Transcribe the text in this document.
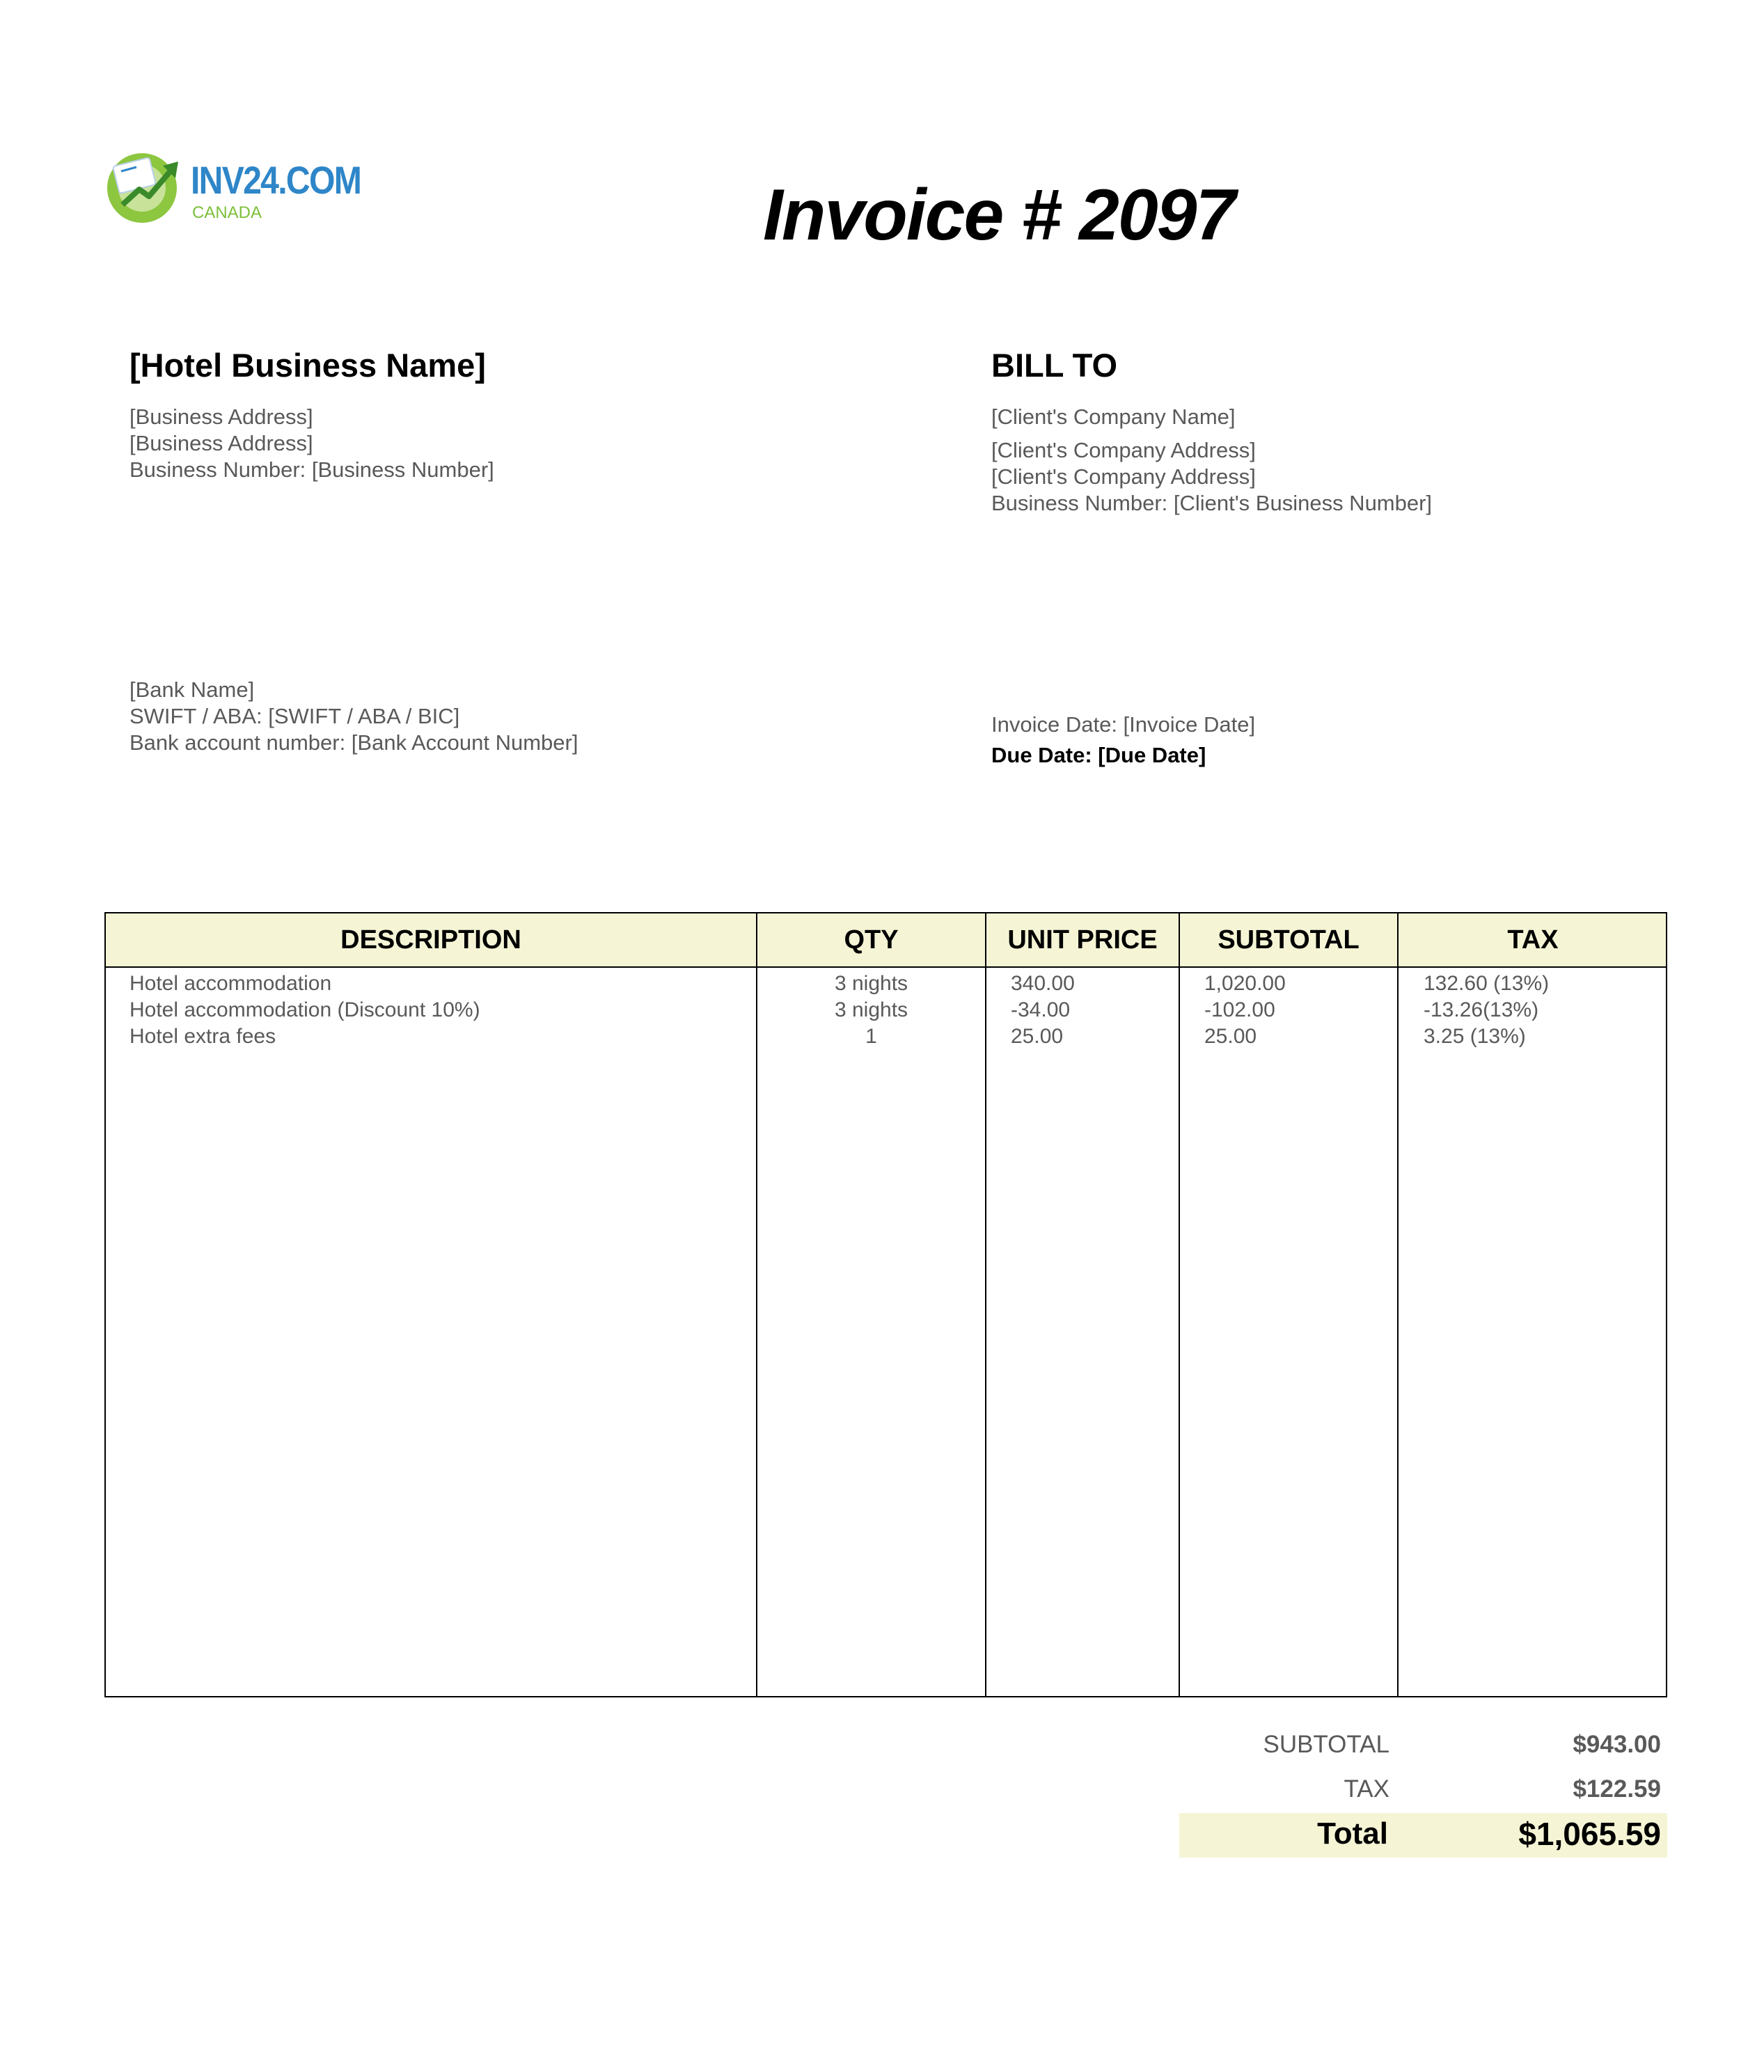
INV24.COM
CANADA	Invoice # 2097
[Hotel Business Name]
[Business Address]
[Business Address]
Business Number: [Business Number]
[Bank Name]
SWIFT / ABA: [SWIFT / ABA / BIC]
Bank account number: [Bank Account Number]
BILL TO
[Client's Company Name]
[Client's Company Address]
[Client's Company Address]
Business Number: [Client's Business Number]
Invoice Date: [Invoice Date]
Due Date: [Due Date]
DESCRIPTION	QTY	UNIT PRICE	SUBTOTAL	TAX
Hotel accommodation	3 nights	340.00	1,020.00	132.60 (13%)
Hotel accommodation (Discount 10%)	3 nights	-34.00	-102.00	-13.26(13%)
Hotel extra fees	1	25.00	25.00	3.25 (13%)
SUBTOTAL	$943.00
TAX	$122.59
Total	$1,065.59
